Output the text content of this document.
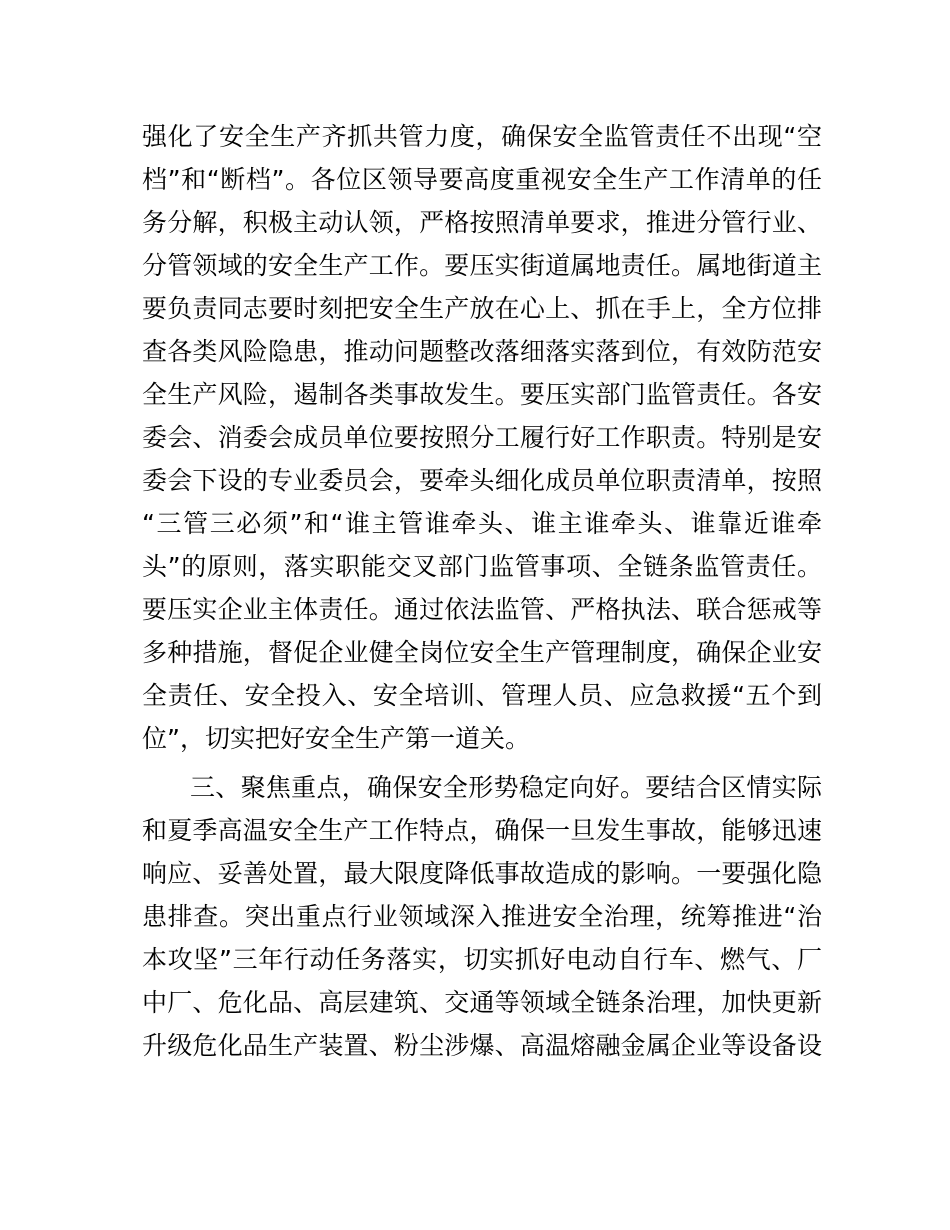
强化了安全生产齐抓共管力度，确保安全监管责任不出现“空
档”和“断档”。各位区领导要高度重视安全生产工作清单的任
务分解，积极主动认领，严格按照清单要求，推进分管行业、
分管领域的安全生产工作。要压实街道属地责任。属地街道主
要负责同志要时刻把安全生产放在心上、抓在手上，全方位排
查各类风险隐患，推动问题整改落细落实落到位，有效防范安
全生产风险，遏制各类事故发生。要压实部门监管责任。各安
委会、消委会成员单位要按照分工履行好工作职责。特别是安
委会下设的专业委员会，要牵头细化成员单位职责清单，按照
“三管三必须”和“谁主管谁牵头、谁主谁牵头、谁靠近谁牵
头”的原则，落实职能交叉部门监管事项、全链条监管责任。
要压实企业主体责任。通过依法监管、严格执法、联合惩戒等
多种措施，督促企业健全岗位安全生产管理制度，确保企业安
全责任、安全投入、安全培训、管理人员、应急救援“五个到
位”，切实把好安全生产第一道关。
三、聚焦重点，确保安全形势稳定向好。要结合区情实际
和夏季高温安全生产工作特点，确保一旦发生事故，能够迅速
响应、妥善处置，最大限度降低事故造成的影响。一要强化隐
患排查。突出重点行业领域深入推进安全治理，统筹推进“治
本攻坚”三年行动任务落实，切实抓好电动自行车、燃气、厂
中厂、危化品、高层建筑、交通等领域全链条治理，加快更新
升级危化品生产装置、粉尘涉爆、高温熔融金属企业等设备设
